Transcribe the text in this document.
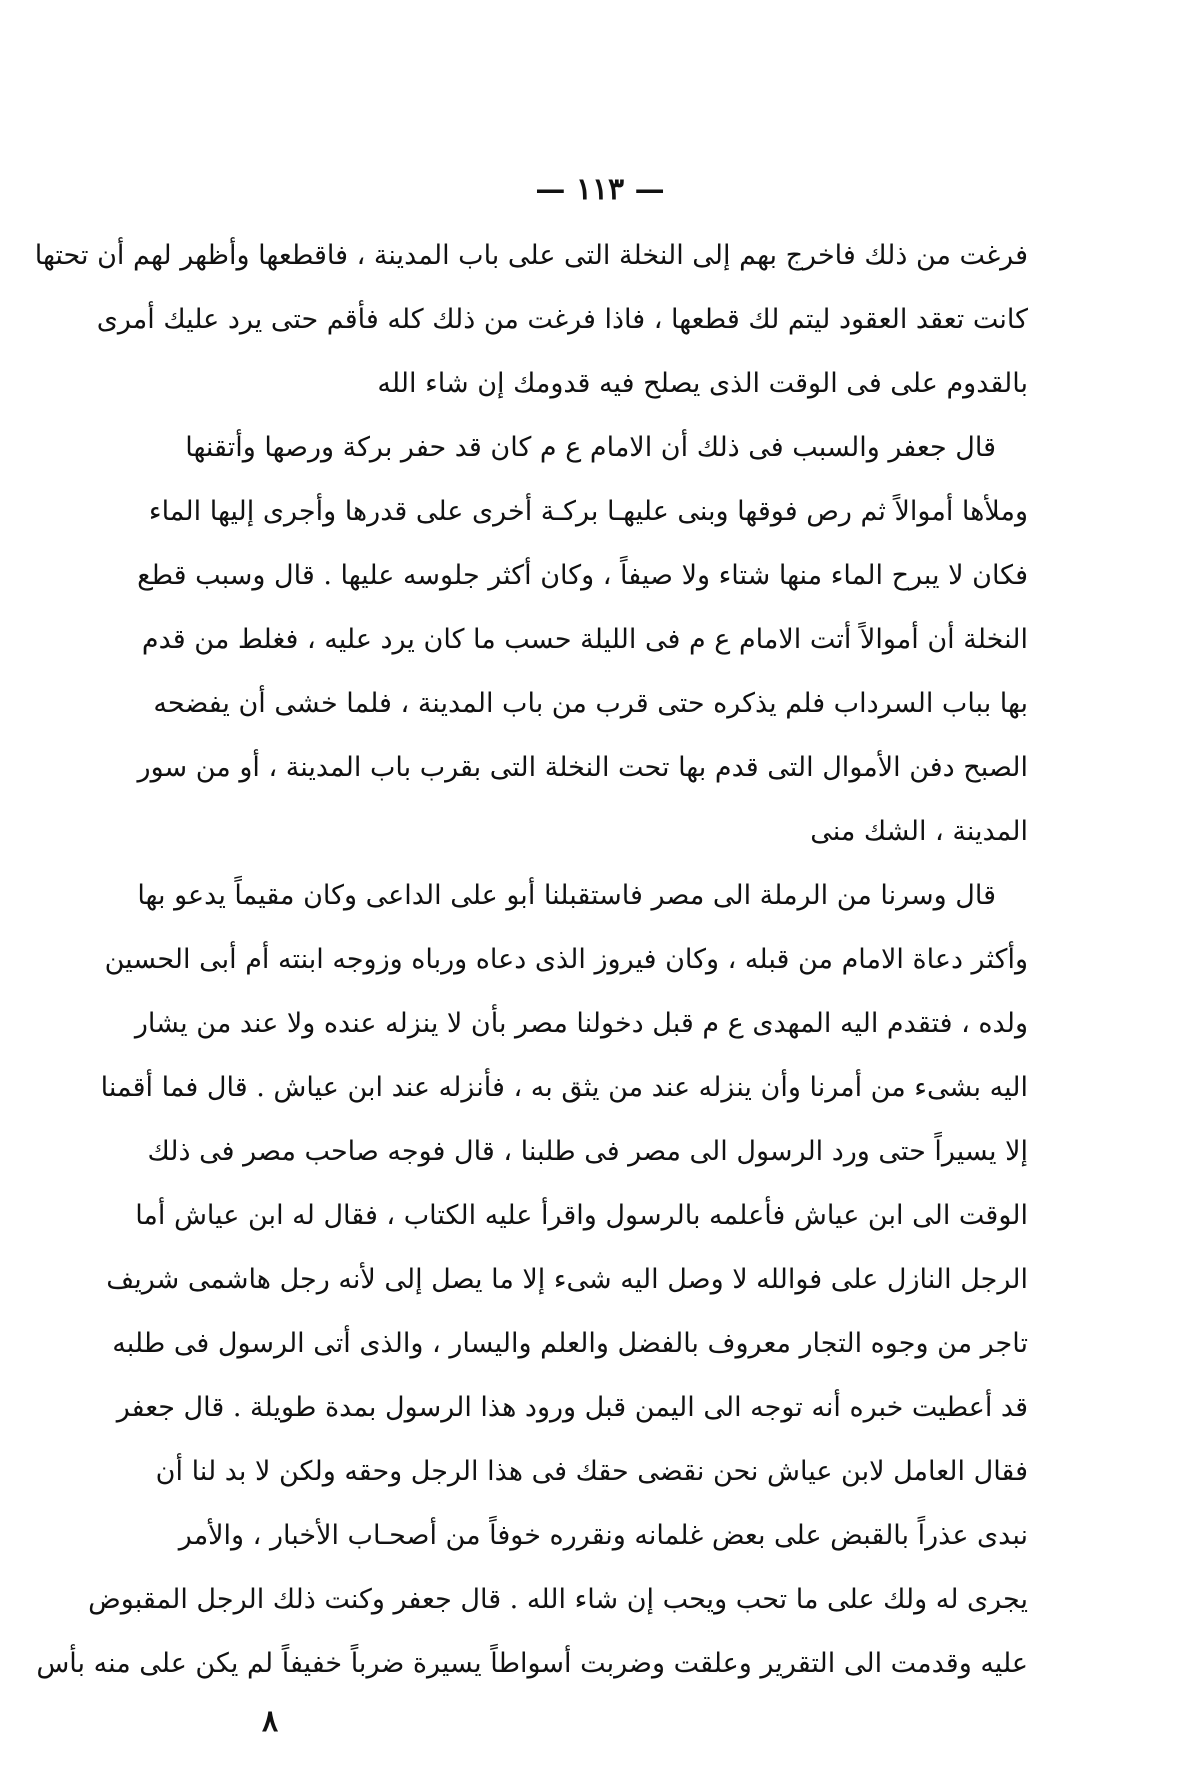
— ١١٣ —
فرغت من ذلك فاخرج بهم إلى النخلة التى على باب المدينة ، فاقطعها وأظهر لهم أن تحتها
كانت تعقد العقود ليتم لك قطعها ، فاذا فرغت من ذلك كله فأقم حتى يرد عليك أمرى
بالقدوم على فى الوقت الذى يصلح فيه قدومك إن شاء الله
قال جعفر والسبب فى ذلك أن الامام ع م كان قد حفر بركة ورصها وأتقنها
وملأها أموالاً ثم رص فوقها وبنى عليهـا بركـة أخرى على قدرها وأجرى إليها الماء
فكان لا يبرح الماء منها شتاء ولا صيفاً ، وكان أكثر جلوسه عليها . قال وسبب قطع
النخلة أن أموالاً أتت الامام ع م فى الليلة حسب ما كان يرد عليه ، فغلط من قدم
بها بباب السرداب فلم يذكره حتى قرب من باب المدينة ، فلما خشى أن يفضحه
الصبح دفن الأموال التى قدم بها تحت النخلة التى بقرب باب المدينة ، أو من سور
المدينة ، الشك منى
قال وسرنا من الرملة الى مصر فاستقبلنا أبو على الداعى وكان مقيماً يدعو بها
وأكثر دعاة الامام من قبله ، وكان فيروز الذى دعاه ورباه وزوجه ابنته أم أبى الحسين
ولده ، فتقدم اليه المهدى ع م قبل دخولنا مصر بأن لا ينزله عنده ولا عند من يشار
اليه بشىء من أمرنا وأن ينزله عند من يثق به ، فأنزله عند ابن عياش . قال فما أقمنا
إلا يسيراً حتى ورد الرسول الى مصر فى طلبنا ، قال فوجه صاحب مصر فى ذلك
الوقت الى ابن عياش فأعلمه بالرسول واقرأ عليه الكتاب ، فقال له ابن عياش أما
الرجل النازل على فوالله لا وصل اليه شىء إلا ما يصل إلى لأنه رجل هاشمى شريف
تاجر من وجوه التجار معروف بالفضل والعلم واليسار ، والذى أتى الرسول فى طلبه
قد أعطيت خبره أنه توجه الى اليمن قبل ورود هذا الرسول بمدة طويلة . قال جعفر
فقال العامل لابن عياش نحن نقضى حقك فى هذا الرجل وحقه ولكن لا بد لنا أن
نبدى عذراً بالقبض على بعض غلمانه ونقرره خوفاً من أصحـاب الأخبار ، والأمر
يجرى له ولك على ما تحب ويحب إن شاء الله . قال جعفر وكنت ذلك الرجل المقبوض
عليه وقدمت الى التقرير وعلقت وضربت أسواطاً يسيرة ضرباً خفيفاً لم يكن على منه بأس
٨
